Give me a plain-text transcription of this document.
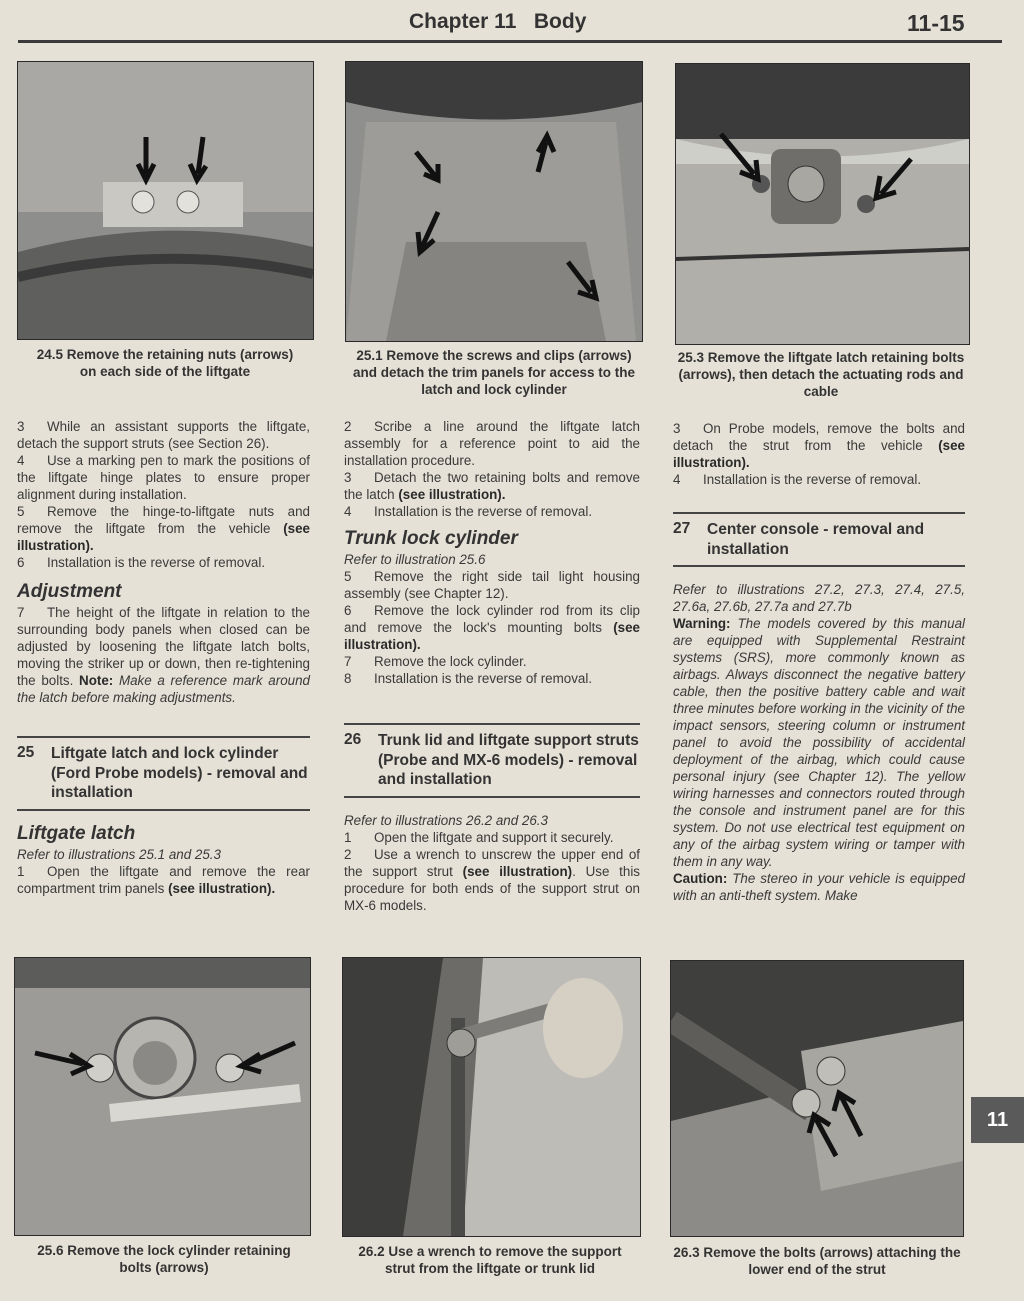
Chapter 11   Body	11-15
24.5 Remove the retaining nuts (arrows) on each side of the liftgate
25.1 Remove the screws and clips (arrows) and detach the trim panels for access to the latch and lock cylinder
25.3 Remove the liftgate latch retaining bolts (arrows), then detach the actuating rods and cable

3 While an assistant supports the liftgate, detach the support struts (see Section 26).

4 Use a marking pen to mark the positions of the liftgate hinge plates to ensure proper alignment during installation.

5 Remove the hinge-to-liftgate nuts and remove the liftgate from the vehicle (see illustration).

6 Installation is the reverse of removal.

Adjustment

7 The height of the liftgate in relation to the surrounding body panels when closed can be adjusted by loosening the liftgate latch bolts, moving the striker up or down, then re-tightening the bolts. Note: Make a reference mark around the latch before making adjustments.

25	Liftgate latch and lock cylinder (Ford Probe models) - removal and installation
Liftgate latch

Refer to illustrations 25.1 and 25.3

1 Open the liftgate and remove the rear compartment trim panels (see illustration).

2 Scribe a line around the liftgate latch assembly for a reference point to aid the installation procedure.

3 Detach the two retaining bolts and remove the latch (see illustration).

4 Installation is the reverse of removal.

Trunk lock cylinder

Refer to illustration 25.6

5 Remove the right side tail light housing assembly (see Chapter 12).

6 Remove the lock cylinder rod from its clip and remove the lock's mounting bolts (see illustration).

7 Remove the lock cylinder.

8 Installation is the reverse of removal.

26	Trunk lid and liftgate support struts (Probe and MX-6 models) - removal and installation

Refer to illustrations 26.2 and 26.3

1 Open the liftgate and support it securely.

2 Use a wrench to unscrew the upper end of the support strut (see illustration). Use this procedure for both ends of the support strut on MX-6 models.

3 On Probe models, remove the bolts and detach the strut from the vehicle (see illustration).

4 Installation is the reverse of removal.

27	Center console - removal and installation

Refer to illustrations 27.2, 27.3, 27.4, 27.5, 27.6a, 27.6b, 27.7a and 27.7b

Warning: The models covered by this manual are equipped with Supplemental Restraint systems (SRS), more commonly known as airbags. Always disconnect the negative battery cable, then the positive battery cable and wait three minutes before working in the vicinity of the impact sensors, steering column or instrument panel to avoid the possibility of accidental deployment of the airbag, which could cause personal injury (see Chapter 12). The yellow wiring harnesses and connectors routed through the console and instrument panel are for this system. Do not use electrical test equipment on any of the airbag system wiring or tamper with them in any way.

Caution: The stereo in your vehicle is equipped with an anti-theft system. Make

25.6 Remove the lock cylinder retaining bolts (arrows)
26.2 Use a wrench to remove the support strut from the liftgate or trunk lid
26.3 Remove the bolts (arrows) attaching the lower end of the strut
11
